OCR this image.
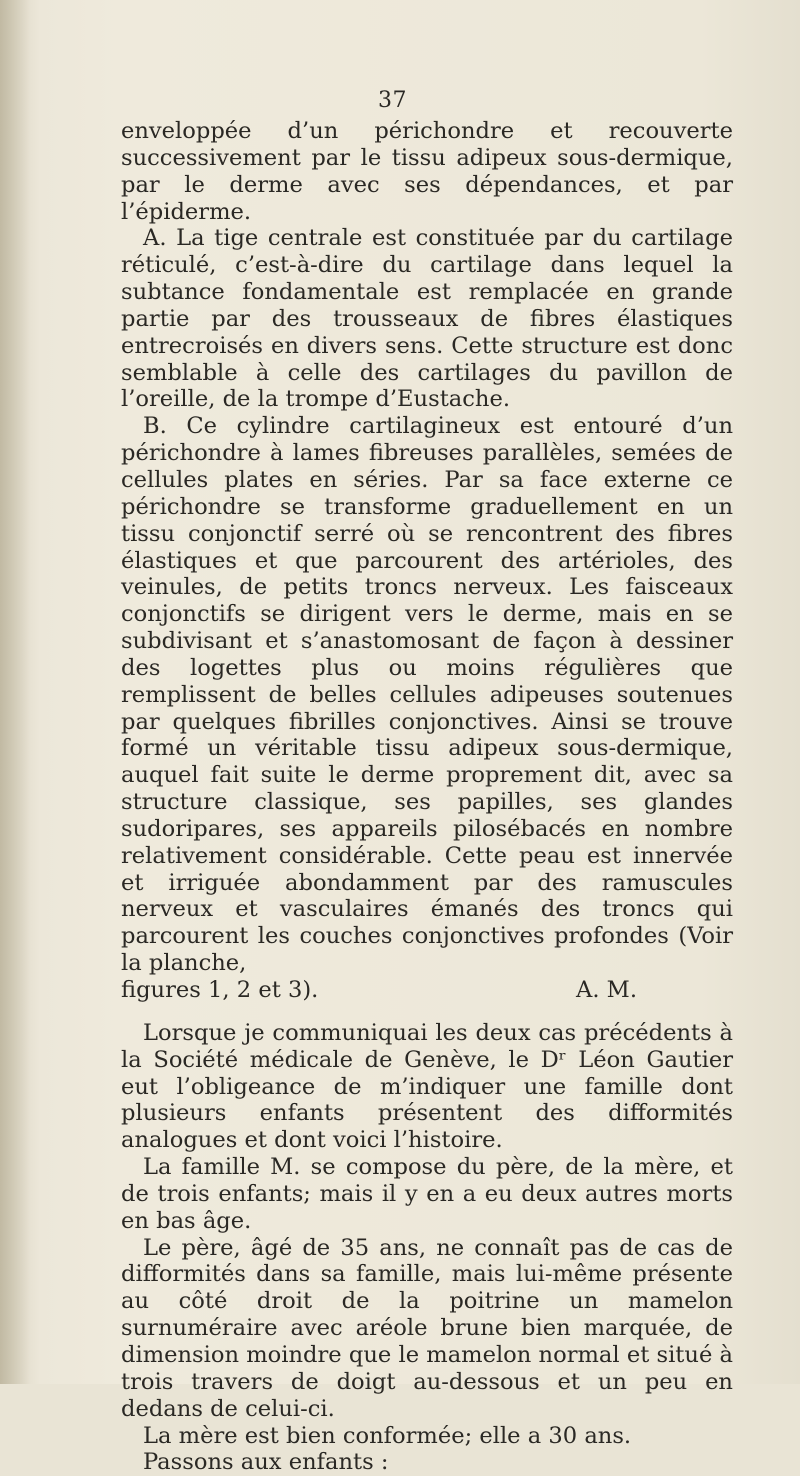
37

enveloppée d’un périchondre et recouverte successivement par le tissu adipeux sous-dermique, par le derme avec ses dépendances, et par l’épiderme.

A. La tige centrale est constituée par du cartilage réticulé, c’est-à-dire du cartilage dans lequel la subtance fondamentale est remplacée en grande partie par des trousseaux de fibres élastiques entrecroisés en divers sens. Cette structure est donc semblable à celle des cartilages du pavillon de l’oreille, de la trompe d’Eustache.

B. Ce cylindre cartilagineux est entouré d’un périchondre à lames fibreuses parallèles, semées de cellules plates en séries. Par sa face externe ce périchondre se transforme graduellement en un tissu conjonctif serré où se rencontrent des fibres élastiques et que parcourent des artérioles, des veinules, de petits troncs nerveux. Les faisceaux conjonctifs se dirigent vers le derme, mais en se subdivisant et s’anastomosant de façon à dessiner des logettes plus ou moins régulières que remplissent de belles cellules adipeuses soutenues par quelques fibrilles conjonctives. Ainsi se trouve formé un véritable tissu adipeux sous-dermique, auquel fait suite le derme proprement dit, avec sa structure classique, ses papilles, ses glandes sudoripares, ses appareils pilosébacés en nombre relativement considérable. Cette peau est innervée et irriguée abondamment par des ramuscules nerveux et vasculaires émanés des troncs qui parcourent les couches conjonctives profondes (Voir la planche,

figures 1, 2 et 3).	A. M.

Lorsque je communiquai les deux cas précédents à la Société médicale de Genève, le Dʳ Léon Gautier eut l’obligeance de m’indiquer une famille dont plusieurs enfants présentent des difformités analogues et dont voici l’histoire.

La famille M. se compose du père, de la mère, et de trois enfants; mais il y en a eu deux autres morts en bas âge.

Le père, âgé de 35 ans, ne connaît pas de cas de difformités dans sa famille, mais lui-même présente au côté droit de la poitrine un mamelon surnuméraire avec aréole brune bien marquée, de dimension moindre que le mamelon normal et situé à trois travers de doigt au-dessous et un peu en dedans de celui-ci.

La mère est bien conformée; elle a 30 ans.

Passons aux enfants :
